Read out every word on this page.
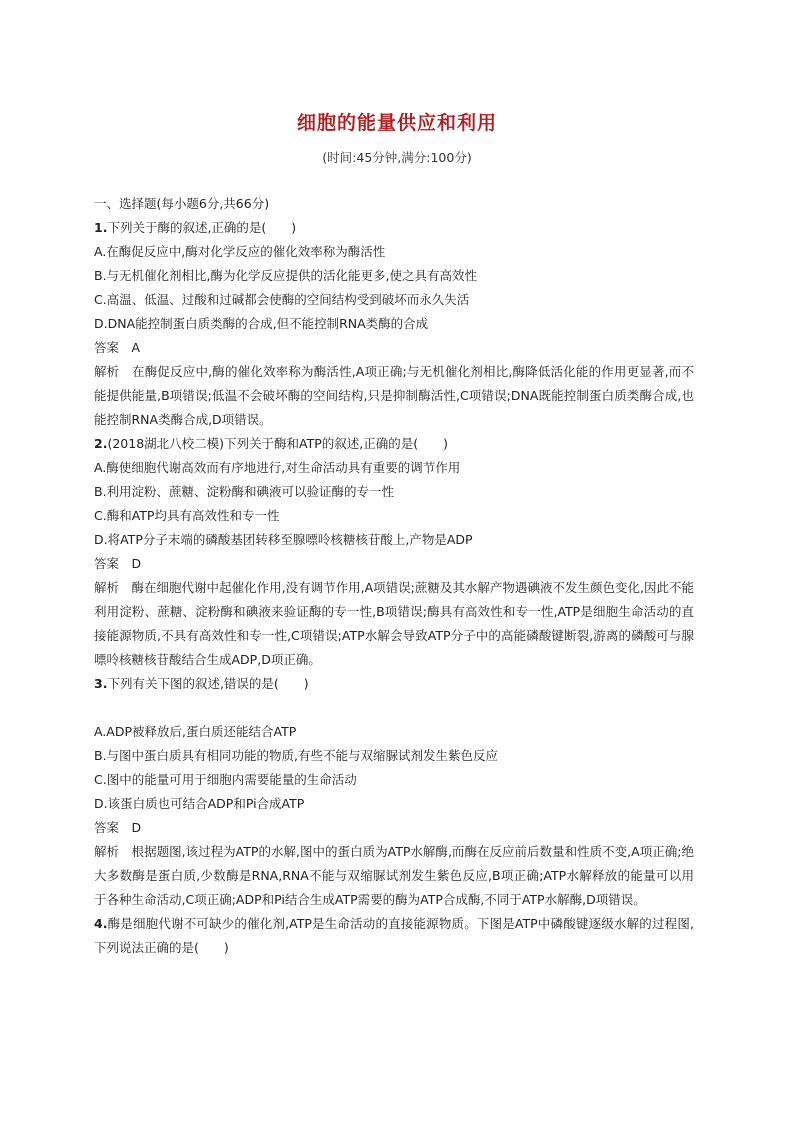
细胞的能量供应和利用
(时间:45分钟,满分:100分)
一、选择题(每小题6分,共66分)
1.下列关于酶的叙述,正确的是(　　)
A.在酶促反应中,酶对化学反应的催化效率称为酶活性
B.与无机催化剂相比,酶为化学反应提供的活化能更多,使之具有高效性
C.高温、低温、过酸和过碱都会使酶的空间结构受到破坏而永久失活
D.DNA能控制蛋白质类酶的合成,但不能控制RNA类酶的合成
答案　A
解析　在酶促反应中,酶的催化效率称为酶活性,A项正确;与无机催化剂相比,酶降低活化能的作用更显著,而不能提供能量,B项错误;低温不会破坏酶的空间结构,只是抑制酶活性,C项错误;DNA既能控制蛋白质类酶合成,也能控制RNA类酶合成,D项错误。
2.(2018湖北八校二模)下列关于酶和ATP的叙述,正确的是(　　)
A.酶使细胞代谢高效而有序地进行,对生命活动具有重要的调节作用
B.利用淀粉、蔗糖、淀粉酶和碘液可以验证酶的专一性
C.酶和ATP均具有高效性和专一性
D.将ATP分子末端的磷酸基团转移至腺嘌呤核糖核苷酸上,产物是ADP
答案　D
解析　酶在细胞代谢中起催化作用,没有调节作用,A项错误;蔗糖及其水解产物遇碘液不发生颜色变化,因此不能利用淀粉、蔗糖、淀粉酶和碘液来验证酶的专一性,B项错误;酶具有高效性和专一性,ATP是细胞生命活动的直接能源物质,不具有高效性和专一性,C项错误;ATP水解会导致ATP分子中的高能磷酸键断裂,游离的磷酸可与腺嘌呤核糖核苷酸结合生成ADP,D项正确。
3.下列有关下图的叙述,错误的是(　　)
A.ADP被释放后,蛋白质还能结合ATP
B.与图中蛋白质具有相同功能的物质,有些不能与双缩脲试剂发生紫色反应
C.图中的能量可用于细胞内需要能量的生命活动
D.该蛋白质也可结合ADP和Pi合成ATP
答案　D
解析　根据题图,该过程为ATP的水解,图中的蛋白质为ATP水解酶,而酶在反应前后数量和性质不变,A项正确;绝大多数酶是蛋白质,少数酶是RNA,RNA不能与双缩脲试剂发生紫色反应,B项正确;ATP水解释放的能量可以用于各种生命活动,C项正确;ADP和Pi结合生成ATP需要的酶为ATP合成酶,不同于ATP水解酶,D项错误。
4.酶是细胞代谢不可缺少的催化剂,ATP是生命活动的直接能源物质。下图是ATP中磷酸键逐级水解的过程图,下列说法正确的是(　　)
